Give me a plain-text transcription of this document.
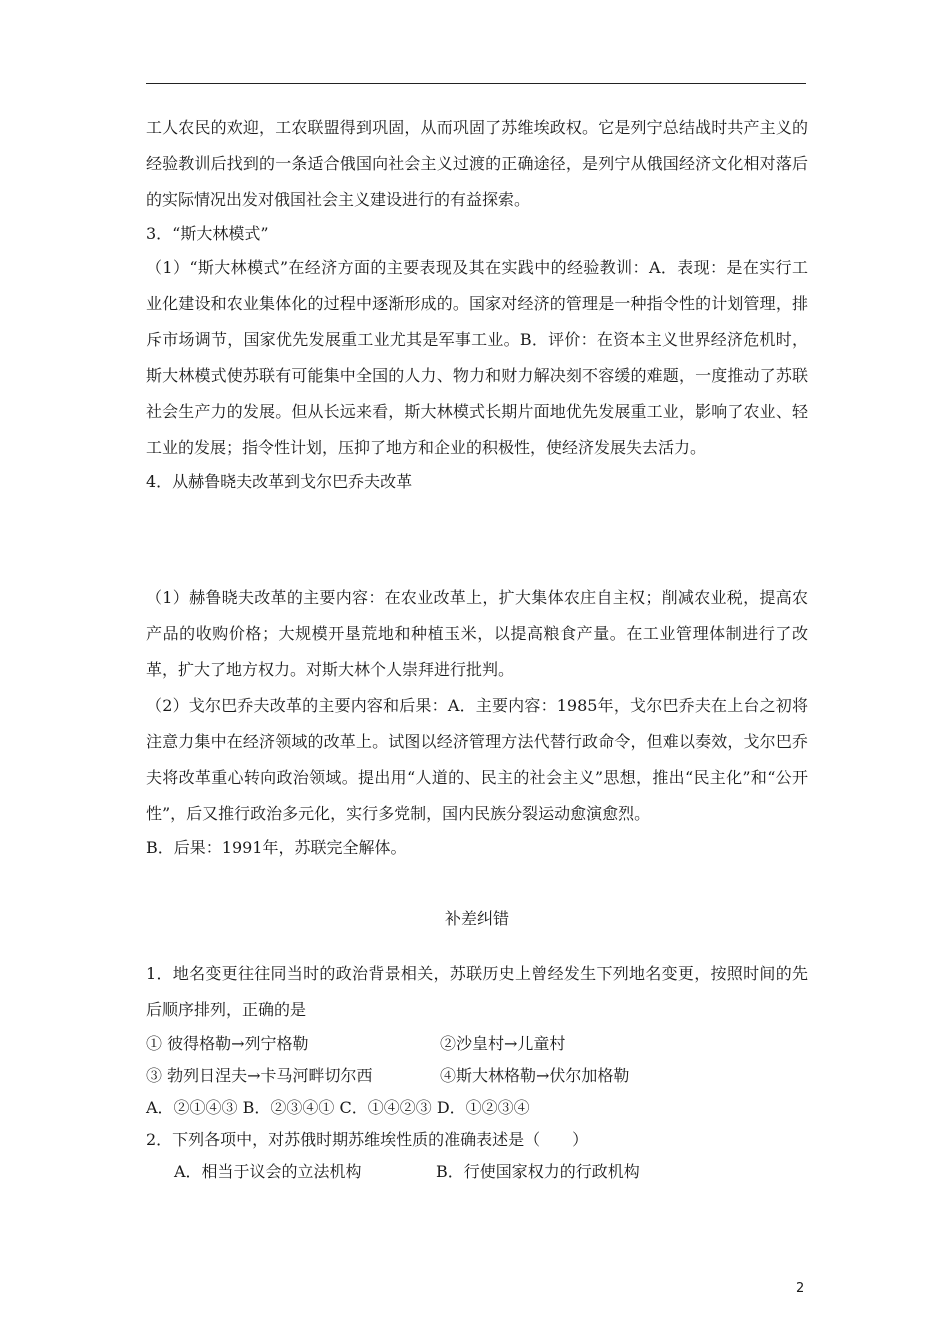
工人农民的欢迎，工农联盟得到巩固，从而巩固了苏维埃政权。它是列宁总结战时共产主义的经验教训后找到的一条适合俄国向社会主义过渡的正确途径，是列宁从俄国经济文化相对落后的实际情况出发对俄国社会主义建设进行的有益探索。

3．“斯大林模式”

（1）“斯大林模式”在经济方面的主要表现及其在实践中的经验教训：A．表现：是在实行工业化建设和农业集体化的过程中逐渐形成的。国家对经济的管理是一种指令性的计划管理，排斥市场调节，国家优先发展重工业尤其是军事工业。B．评价：在资本主义世界经济危机时，斯大林模式使苏联有可能集中全国的人力、物力和财力解决刻不容缓的难题，一度推动了苏联社会生产力的发展。但从长远来看，斯大林模式长期片面地优先发展重工业，影响了农业、轻工业的发展；指令性计划，压抑了地方和企业的积极性，使经济发展失去活力。

4．从赫鲁晓夫改革到戈尔巴乔夫改革

（1）赫鲁晓夫改革的主要内容：在农业改革上，扩大集体农庄自主权；削减农业税，提高农产品的收购价格；大规模开垦荒地和种植玉米，以提高粮食产量。在工业管理体制进行了改革，扩大了地方权力。对斯大林个人崇拜进行批判。

（2）戈尔巴乔夫改革的主要内容和后果：A．主要内容：1985年，戈尔巴乔夫在上台之初将注意力集中在经济领域的改革上。试图以经济管理方法代替行政命令，但难以奏效，戈尔巴乔夫将改革重心转向政治领域。提出用“人道的、民主的社会主义”思想，推出“民主化”和“公开性”，后又推行政治多元化，实行多党制，国内民族分裂运动愈演愈烈。

B．后果：1991年，苏联完全解体。

补差纠错

1．地名变更往往同当时的政治背景相关，苏联历史上曾经发生下列地名变更，按照时间的先后顺序排列，正确的是

① 彼得格勒→列宁格勒	②沙皇村→儿童村
③ 勃列日涅夫→卡马河畔切尔西	④斯大林格勒→伏尔加格勒

A．②①④③ B．②③④① C．①④②③ D．①②③④

2．下列各项中，对苏俄时期苏维埃性质的准确表述是（　　）

A．相当于议会的立法机构	B．行使国家权力的行政机构
2
